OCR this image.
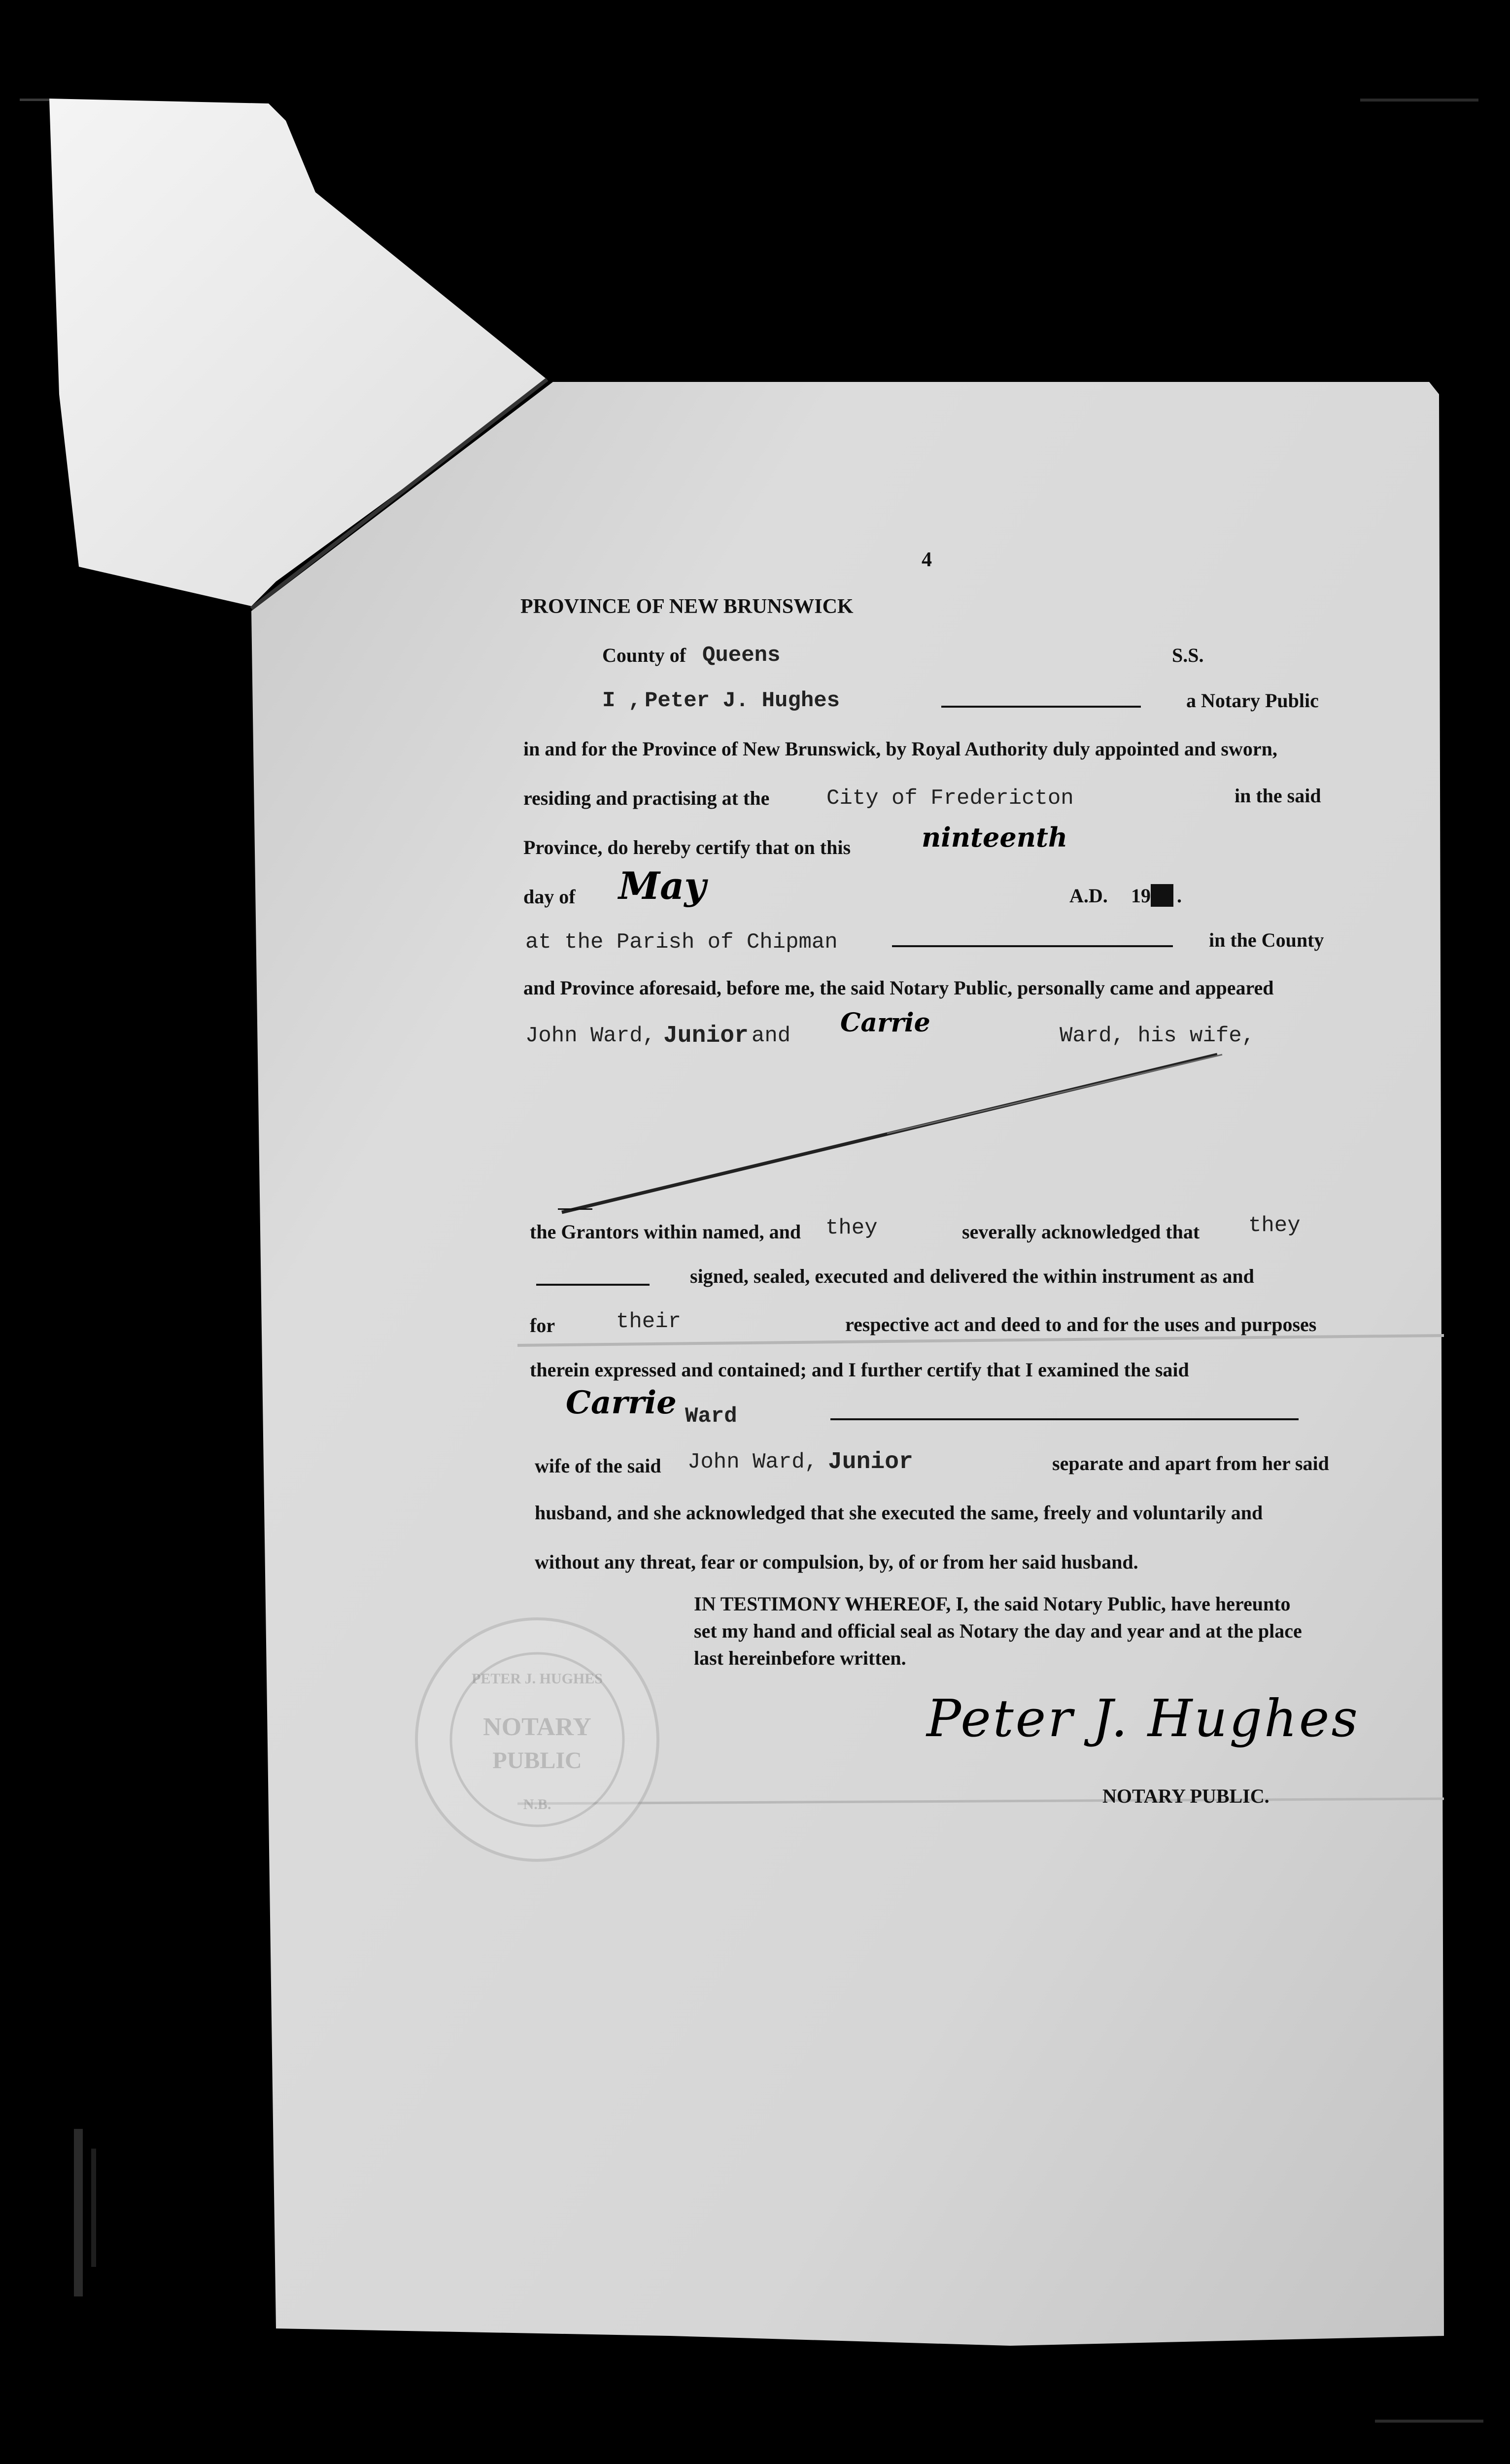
4
PROVINCE OF NEW BRUNSWICK
County of Queens	S.S.
I , Peter J. Hughes	a Notary Public
in and for the Province of New Brunswick, by Royal Authority duly appointed and sworn,
residing and practising at the	City of Fredericton	in the said
Province, do hereby certify that on this	ninteenth
day of May	A.D. 19 20 .
at the Parish of Chipman	in the County
and Province aforesaid, before me, the said Notary Public, personally came and appeared
John Ward, Junior and Carrie	Ward, his wife,
the Grantors within named, and they	severally acknowledged that they
signed, sealed, executed and delivered the within instrument as and
for	their	respective act and deed to and for the uses and purposes
therein expressed and contained; and I further certify that I examined the said
Carrie Ward
wife of the said John Ward, Junior	separate and apart from her said
husband, and she acknowledged that she executed the same, freely and voluntarily and
without any threat, fear or compulsion, by, of or from her said husband.
IN TESTIMONY WHEREOF, I, the said Notary Public, have hereunto
set my hand and official seal as Notary the day and year and at the place
last hereinbefore written.
Peter J. Hughes
NOTARY PUBLIC.
PETER J. HUGHES
NOTARY
PUBLIC
N.B.
